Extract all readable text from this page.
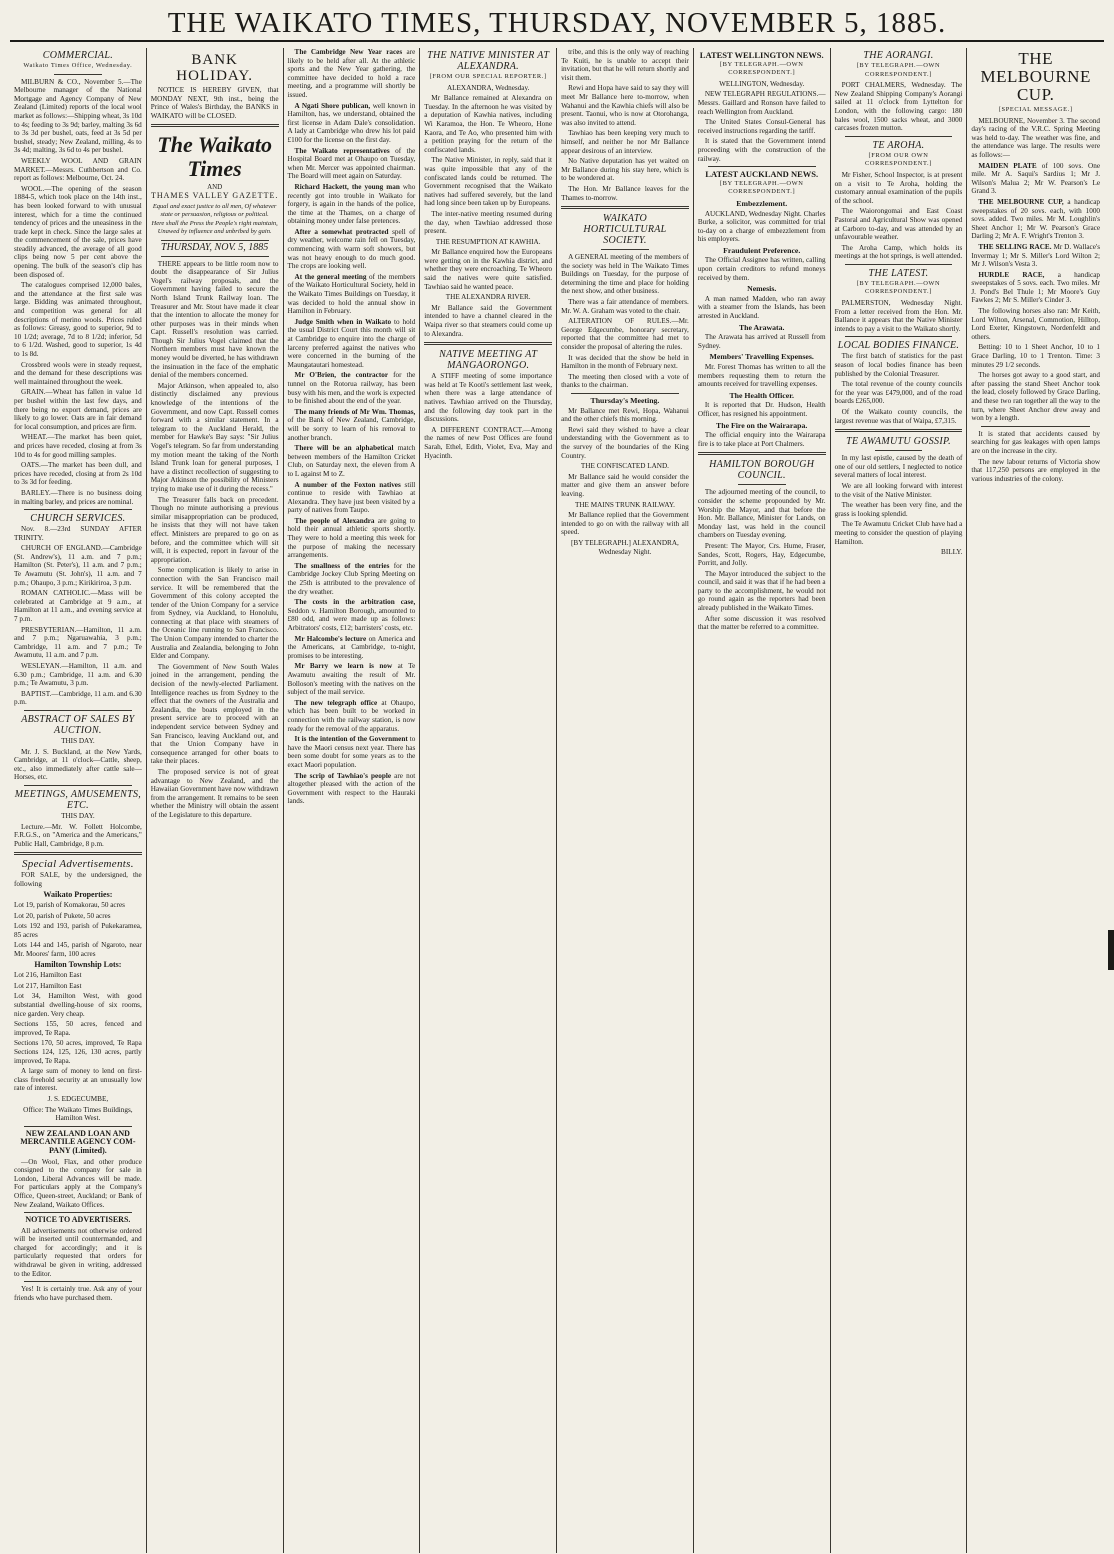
THE WAIKATO TIMES, THURSDAY, NOVEMBER 5, 1885.
COMMERCIAL.
Waikato Times Office, Wednesday.

MILBURN & CO., November 5.—The Melbourne manager of the National Mortgage and Agency Company of New Zealand (Limited) reports of the local wool market as follows:—Shipping wheat, 3s 10d to 4s; feeding to 3s 9d; barley, malting 3s 6d to 3s 3d per bushel, oats, feed at 3s 5d per bushel, steady; New Zealand, milling, 4s to 3s 4d; malting, 3s 6d to 4s per bushel.

WEEKLY WOOL AND GRAIN MARKET.—Messrs. Cuthbertson and Co. report as follows: Melbourne, Oct. 24.

WOOL.—The opening of the season 1884-5, which took place on the 14th inst., has been looked forward to with unusual interest, which for a time the continued tendency of prices and the uneasiness in the trade kept in check. Since the large sales at the commencement of the sale, prices have steadily advanced, the average of all good clips being now 5 per cent above the opening. The bulk of the season's clip has been disposed of.

The catalogues comprised 12,000 bales, and the attendance at the first sale was large. Bidding was animated throughout, and competition was general for all descriptions of merino wools. Prices ruled as follows: Greasy, good to superior, 9d to 10 1/2d; average, 7d to 8 1/2d; inferior, 5d to 6 1/2d. Washed, good to superior, 1s 4d to 1s 8d.

Crossbred wools were in steady request, and the demand for these descriptions was well maintained throughout the week.

GRAIN.—Wheat has fallen in value 1d per bushel within the last few days, and there being no export demand, prices are likely to go lower. Oats are in fair demand for local consumption, and prices are firm.

WHEAT.—The market has been quiet, and prices have receded, closing at from 3s 10d to 4s for good milling samples.

OATS.—The market has been dull, and prices have receded, closing at from 2s 10d to 3s 3d for feeding.

BARLEY.—There is no business doing in malting barley, and prices are nominal.

CHURCH SERVICES.

Nov. 8.—23rd SUNDAY AFTER TRINITY.

CHURCH OF ENGLAND.—Cambridge (St. Andrew's), 11 a.m. and 7 p.m.; Hamilton (St. Peter's), 11 a.m. and 7 p.m.; Te Awamutu (St. John's), 11 a.m. and 7 p.m.; Ohaupo, 3 p.m.; Kirikiriroa, 3 p.m.

ROMAN CATHOLIC.—Mass will be celebrated at Cambridge at 9 a.m., at Hamilton at 11 a.m., and evening service at 7 p.m.

PRESBYTERIAN.—Hamilton, 11 a.m. and 7 p.m.; Ngaruawahia, 3 p.m.; Cambridge, 11 a.m. and 7 p.m.; Te Awamutu, 11 a.m. and 7 p.m.

WESLEYAN.—Hamilton, 11 a.m. and 6.30 p.m.; Cambridge, 11 a.m. and 6.30 p.m.; Te Awamutu, 3 p.m.

BAPTIST.—Cambridge, 11 a.m. and 6.30 p.m.

ABSTRACT OF SALES BY AUCTION.

THIS DAY.

Mr. J. S. Buckland, at the New Yards, Cambridge, at 11 o'clock—Cattle, sheep, etc., also immediately after cattle sale—Horses, etc.

MEETINGS, AMUSEMENTS, ETC.

THIS DAY.

Lecture.—Mr. W. Follett Holcombe, F.R.G.S., on "America and the Americans," Public Hall, Cambridge, 8 p.m.

Special Advertisements.

FOR SALE, by the undersigned, the following

Waikato Properties:

Lot 19, parish of Komakorau, 50 acres

Lot 20, parish of Pukete, 50 acres

Lots 192 and 193, parish of Pukekaramea, 85 acres

Lots 144 and 145, parish of Ngaroto, near Mr. Moores' farm, 100 acres

Hamilton Township Lots:

Lot 216, Hamilton East

Lot 217, Hamilton East

Lot 34, Hamilton West, with good substantial dwelling-house of six rooms, nice garden. Very cheap.

Sections 155, 50 acres, fenced and improved, Te Rapa.

Sections 170, 50 acres, improved, Te Rapa Sections 124, 125, 126, 130 acres, partly improved, Te Rapa.

A large sum of money to lend on first-class freehold security at an unusually low rate of interest.

J. S. EDGECUMBE,

Office: The Waikato Times Buildings, Hamilton West.

NEW ZEALAND LOAN AND MERCANTILE AGENCY COM-PANY (Limited).

—On Wool, Flax, and other produce consigned to the company for sale in London, Liberal Advances will be made. For particulars apply at the Company's Office, Queen-street, Auckland; or Bank of New Zealand, Waikato Offices.

NOTICE TO ADVERTISERS.

All advertisements not otherwise ordered will be inserted until countermanded, and charged for accordingly; and it is particularly requested that orders for withdrawal be given in writing, addressed to the Editor.

Yes! It is certainly true. Ask any of your friends who have purchased them.

BANK HOLIDAY.

NOTICE IS HEREBY GIVEN, that MONDAY NEXT, 9th inst., being the Prince of Wales's Birthday, the BANKS in WAIKATO will be CLOSED.

The Waikato Times
AND
THAMES VALLEY GAZETTE.
Equal and exact justice to all men, Of whatever state or persuasion, religious or political.
Here shall the Press the People's right maintain, Unawed by influence and unbribed by gain.
THURSDAY, NOV. 5, 1885

THERE appears to be little room now to doubt the disappearance of Sir Julius Vogel's railway proposals, and the Government having failed to secure the North Island Trunk Railway loan. The Treasurer and Mr. Stout have made it clear that the intention to allocate the money for other purposes was in their minds when Capt. Russell's resolution was carried. Though Sir Julius Vogel claimed that the Northern members must have known the money would be diverted, he has withdrawn the insinuation in the face of the emphatic denial of the members concerned.

Major Atkinson, when appealed to, also distinctly disclaimed any previous knowledge of the intentions of the Government, and now Capt. Russell comes forward with a similar statement. In a telegram to the Auckland Herald, the member for Hawke's Bay says: "Sir Julius Vogel's telegram. So far from understanding my motion meant the taking of the North Island Trunk loan for general purposes, I have a distinct recollection of suggesting to Major Atkinson the possibility of Ministers trying to make use of it during the recess."

The Treasurer falls back on precedent. Though no minute authorising a previous similar misappropriation can be produced, he insists that they will not have taken effect. Ministers are prepared to go on as before, and the committee which will sit will, it is expected, report in favour of the appropriation.

Some complication is likely to arise in connection with the San Francisco mail service. It will be remembered that the Government of this colony accepted the tender of the Union Company for a service from Sydney, via Auckland, to Honolulu, connecting at that place with steamers of the Oceanic line running to San Francisco. The Union Company intended to charter the Australia and Zealandia, belonging to John Elder and Company.

The Government of New South Wales joined in the arrangement, pending the decision of the newly-elected Parliament. Intelligence reaches us from Sydney to the effect that the owners of the Australia and Zealandia, the boats employed in the present service are to proceed with an independent service between Sydney and San Francisco, leaving Auckland out, and that the Union Company have in consequence arranged for other boats to take their places.

The proposed service is not of great advantage to New Zealand, and the Hawaiian Government have now withdrawn from the arrangement. It remains to be seen whether the Ministry will obtain the assent of the Legislature to this departure.

The Cambridge New Year races are likely to be held after all. At the athletic sports and the New Year gathering, the committee have decided to hold a race meeting, and a programme will shortly be issued.

A Ngati Shore publican, well known in Hamilton, has, we understand, obtained the first license in Adam Dale's consolidation. A lady at Cambridge who drew his lot paid £100 for the license on the first day.

The Waikato representatives of the Hospital Board met at Ohaupo on Tuesday, when Mr. Mercer was appointed chairman. The Board will meet again on Saturday.

Richard Hackett, the young man who recently got into trouble in Waikato for forgery, is again in the hands of the police, the time at the Thames, on a charge of obtaining money under false pretences.

After a somewhat protracted spell of dry weather, welcome rain fell on Tuesday, commencing with warm soft showers, but was not heavy enough to do much good. The crops are looking well.

At the general meeting of the members of the Waikato Horticultural Society, held in the Waikato Times Buildings on Tuesday, it was decided to hold the annual show in Hamilton in February.

Judge Smith when in Waikato to hold the usual District Court this month will sit at Cambridge to enquire into the charge of larceny preferred against the natives who were concerned in the burning of the Maungatautari homestead.

Mr O'Brien, the contractor for the tunnel on the Rotorua railway, has been busy with his men, and the work is expected to be finished about the end of the year.

The many friends of Mr Wm. Thomas, of the Bank of New Zealand, Cambridge, will be sorry to learn of his removal to another branch.

There will be an alphabetical match between members of the Hamilton Cricket Club, on Saturday next, the eleven from A to L against M to Z.

A number of the Foxton natives still continue to reside with Tawhiao at Alexandra. They have just been visited by a party of natives from Taupo.

The people of Alexandra are going to hold their annual athletic sports shortly. They were to hold a meeting this week for the purpose of making the necessary arrangements.

The smallness of the entries for the Cambridge Jockey Club Spring Meeting on the 25th is attributed to the prevalence of the dry weather.

The costs in the arbitration case, Seddon v. Hamilton Borough, amounted to £80 odd, and were made up as follows: Arbitrators' costs, £12; barristers' costs, etc.

Mr Halcombe's lecture on America and the Americans, at Cambridge, to-night, promises to be interesting.

Mr Barry we learn is now at Te Awamutu awaiting the result of Mr. Bolloson's meeting with the natives on the subject of the mail service.

The new telegraph office at Ohaupo, which has been built to be worked in connection with the railway station, is now ready for the removal of the apparatus.

It is the intention of the Government to have the Maori census next year. There has been some doubt for some years as to the exact Maori population.

The scrip of Tawhiao's people are not altogether pleased with the action of the Government with respect to the Hauraki lands.

THE NATIVE MINISTER AT ALEXANDRA.
[FROM OUR SPECIAL REPORTER.]

ALEXANDRA, Wednesday.

Mr Ballance remained at Alexandra on Tuesday. In the afternoon he was visited by a deputation of Kawhia natives, including Wi Karamoa, the Hon. Te Wheoro, Hone Kaora, and Te Ao, who presented him with a petition praying for the return of the confiscated lands.

The Native Minister, in reply, said that it was quite impossible that any of the confiscated lands could be returned. The Government recognised that the Waikato natives had suffered severely, but the land had long since been taken up by Europeans.

The inter-native meeting resumed during the day, when Tawhiao addressed those present.

THE RESUMPTION AT KAWHIA.

Mr Ballance enquired how the Europeans were getting on in the Kawhia district, and whether they were encroaching. Te Wheoro said the natives were quite satisfied. Tawhiao said he wanted peace.

THE ALEXANDRA RIVER.

Mr Ballance said the Government intended to have a channel cleared in the Waipa river so that steamers could come up to Alexandra.

NATIVE MEETING AT MANGAORONGO.

A STIFF meeting of some importance was held at Te Kooti's settlement last week, when there was a large attendance of natives. Tawhiao arrived on the Thursday, and the following day took part in the discussions.

A DIFFERENT CONTRACT.—Among the names of new Post Offices are found Sarah, Ethel, Edith, Violet, Eva, May and Hyacinth.

tribe, and this is the only way of reaching Te Kuiti, he is unable to accept their invitation, but that he will return shortly and visit them.

Rewi and Hopa have said to say they will meet Mr Ballance here to-morrow, when Wahanui and the Kawhia chiefs will also be present. Taonui, who is now at Otorohanga, was also invited to attend.

Tawhiao has been keeping very much to himself, and neither he nor Mr Ballance appear desirous of an interview.

No Native deputation has yet waited on Mr Ballance during his stay here, which is to be wondered at.

The Hon. Mr Ballance leaves for the Thames to-morrow.

WAIKATO HORTICULTURAL SOCIETY.

A GENERAL meeting of the members of the society was held in The Waikato Times Buildings on Tuesday, for the purpose of determining the time and place for holding the next show, and other business.

There was a fair attendance of members. Mr. W. A. Graham was voted to the chair.

ALTERATION OF RULES.—Mr. George Edgecumbe, honorary secretary, reported that the committee had met to consider the proposal of altering the rules.

It was decided that the show be held in Hamilton in the month of February next.

The meeting then closed with a vote of thanks to the chairman.

Thursday's Meeting.

Mr Ballance met Rewi, Hopa, Wahanui and the other chiefs this morning.

Rewi said they wished to have a clear understanding with the Government as to the survey of the boundaries of the King Country.

THE CONFISCATED LAND.

Mr Ballance said he would consider the matter and give them an answer before leaving.

THE MAINS TRUNK RAILWAY.

Mr Ballance replied that the Government intended to go on with the railway with all speed.

[BY TELEGRAPH.] ALEXANDRA, Wednesday Night.

LATEST WELLINGTON NEWS.
[BY TELEGRAPH.—OWN CORRESPONDENT.]

WELLINGTON, Wednesday.

NEW TELEGRAPH REGULATIONS.—Messrs. Gaillard and Ronson have failed to reach Wellington from Auckland.

The United States Consul-General has received instructions regarding the tariff.

It is stated that the Government intend proceeding with the construction of the railway.

LATEST AUCKLAND NEWS.
[BY TELEGRAPH.—OWN CORRESPONDENT.]
Embezzlement.

AUCKLAND, Wednesday Night. Charles Burke, a solicitor, was committed for trial to-day on a charge of embezzlement from his employers.

Fraudulent Preference.

The Official Assignee has written, calling upon certain creditors to refund moneys received by them.

Nemesis.

A man named Madden, who ran away with a steamer from the Islands, has been arrested in Auckland.

The Arawata.

The Arawata has arrived at Russell from Sydney.

Members' Travelling Expenses.

Mr. Forest Thomas has written to all the members requesting them to return the amounts received for travelling expenses.

The Health Officer.

It is reported that Dr. Hudson, Health Officer, has resigned his appointment.

The Fire on the Wairarapa.

The official enquiry into the Wairarapa fire is to take place at Port Chalmers.

HAMILTON BOROUGH COUNCIL.

The adjourned meeting of the council, to consider the scheme propounded by Mr. Worship the Mayor, and that before the Hon. Mr. Ballance, Minister for Lands, on Monday last, was held in the council chambers on Tuesday evening.

Present: The Mayor, Crs. Hume, Fraser, Sandes, Scott, Rogers, Hay, Edgecumbe, Porritt, and Jolly.

The Mayor introduced the subject to the council, and said it was that if he had been a party to the accomplishment, he would not go round again as the reporters had been already published in the Waikato Times.

After some discussion it was resolved that the matter be referred to a committee.

THE AORANGI.
[BY TELEGRAPH.—OWN CORRESPONDENT.]

PORT CHALMERS, Wednesday. The New Zealand Shipping Company's Aorangi sailed at 11 o'clock from Lyttelton for London, with the following cargo: 180 bales wool, 1500 sacks wheat, and 3000 carcases frozen mutton.

TE AROHA.
[FROM OUR OWN CORRESPONDENT.]

Mr Fisher, School Inspector, is at present on a visit to Te Aroha, holding the customary annual examination of the pupils of the school.

The Waiorongomai and East Coast Pastoral and Agricultural Show was opened at Carboro to-day, and was attended by an unfavourable weather.

The Aroha Camp, which holds its meetings at the hot springs, is well attended.

THE LATEST.
[BY TELEGRAPH.—OWN CORRESPONDENT.]

PALMERSTON, Wednesday Night. From a letter received from the Hon. Mr. Ballance it appears that the Native Minister intends to pay a visit to the Waikato shortly.

LOCAL BODIES FINANCE.

The first batch of statistics for the past season of local bodies finance has been published by the Colonial Treasurer.

The total revenue of the county councils for the year was £479,000, and of the road boards £265,000.

Of the Waikato county councils, the largest revenue was that of Waipa, £7,315.

TE AWAMUTU GOSSIP.

In my last epistle, caused by the death of one of our old settlers, I neglected to notice several matters of local interest.

We are all looking forward with interest to the visit of the Native Minister.

The weather has been very fine, and the grass is looking splendid.

The Te Awamutu Cricket Club have had a meeting to consider the question of playing Hamilton.

BILLY.

THE MELBOURNE CUP.
[SPECIAL MESSAGE.]

MELBOURNE, November 3. The second day's racing of the V.R.C. Spring Meeting was held to-day. The weather was fine, and the attendance was large. The results were as follows:—

MAIDEN PLATE of 100 sovs. One mile. Mr A. Saqui's Sardius 1; Mr J. Wilson's Malua 2; Mr W. Pearson's Le Grand 3.

THE MELBOURNE CUP, a handicap sweepstakes of 20 sovs. each, with 1000 sovs. added. Two miles. Mr M. Loughlin's Sheet Anchor 1; Mr W. Pearson's Grace Darling 2; Mr A. F. Wright's Trenton 3.

THE SELLING RACE. Mr D. Wallace's Invermay 1; Mr S. Miller's Lord Wilton 2; Mr J. Wilson's Vesta 3.

HURDLE RACE, a handicap sweepstakes of 5 sovs. each. Two miles. Mr J. Pond's Bel Thule 1; Mr Moore's Guy Fawkes 2; Mr S. Miller's Cinder 3.

The following horses also ran: Mr Keith, Lord Wilton, Arsenal, Commotion, Hilltop, Lord Exeter, Kingstown, Nordenfeldt and others.

Betting: 10 to 1 Sheet Anchor, 10 to 1 Grace Darling, 10 to 1 Trenton. Time: 3 minutes 29 1/2 seconds.

The horses got away to a good start, and after passing the stand Sheet Anchor took the lead, closely followed by Grace Darling, and these two ran together all the way to the turn, where Sheet Anchor drew away and won by a length.

It is stated that accidents caused by searching for gas leakages with open lamps are on the increase in the city.

The new labour returns of Victoria show that 117,250 persons are employed in the various industries of the colony.
